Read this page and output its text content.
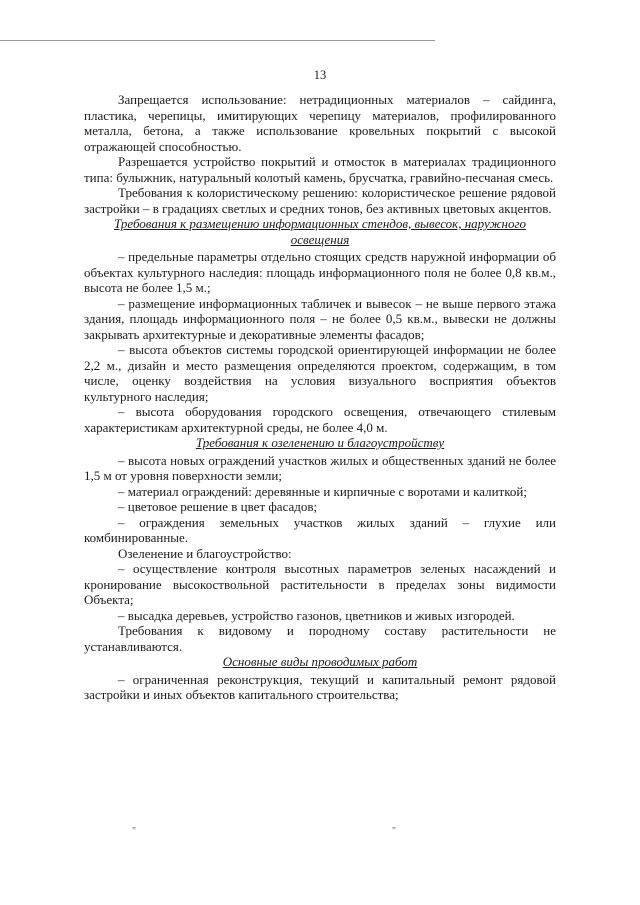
13

Запрещается использование: нетрадиционных материалов – сайдинга, пластика, черепицы, имитирующих черепицу материалов, профилированного металла, бетона, а также использование кровельных покрытий с высокой отражающей способностью.

Разрешается устройство покрытий и отмосток в материалах традиционного типа: булыжник, натуральный колотый камень, брусчатка, гравийно-песчаная смесь.

Требования к колористическому решению: колористическое решение рядовой застройки – в градациях светлых и средних тонов, без активных цветовых акцентов.

Требования к размещению информационных стендов, вывесок, наружного освещения

– предельные параметры отдельно стоящих средств наружной информации об объектах культурного наследия: площадь информационного поля не более 0,8 кв.м., высота не более 1,5 м.;

– размещение информационных табличек и вывесок – не выше первого этажа здания, площадь информационного поля – не более 0,5 кв.м., вывески не должны закрывать архитектурные и декоративные элементы фасадов;

– высота объектов системы городской ориентирующей информации не более 2,2 м., дизайн и место размещения определяются проектом, содержащим, в том числе, оценку воздействия на условия визуального восприятия объектов культурного наследия;

– высота оборудования городского освещения, отвечающего стилевым характеристикам архитектурной среды, не более 4,0 м.

Требования к озеленению и благоустройству

– высота новых ограждений участков жилых и общественных зданий не более 1,5 м от уровня поверхности земли;

– материал ограждений: деревянные и кирпичные с воротами и калиткой;

– цветовое решение в цвет фасадов;

– ограждения земельных участков жилых зданий – глухие или комбинированные.

Озеленение и благоустройство:

– осуществление контроля высотных параметров зеленых насаждений и кронирование высокоствольной растительности в пределах зоны видимости Объекта;

– высадка деревьев, устройство газонов, цветников и живых изгородей.

Требования к видовому и породному составу растительности не устанавливаются.

Основные виды проводимых работ

– ограниченная реконструкция, текущий и капитальный ремонт рядовой застройки и иных объектов капитального строительства;

"	"
